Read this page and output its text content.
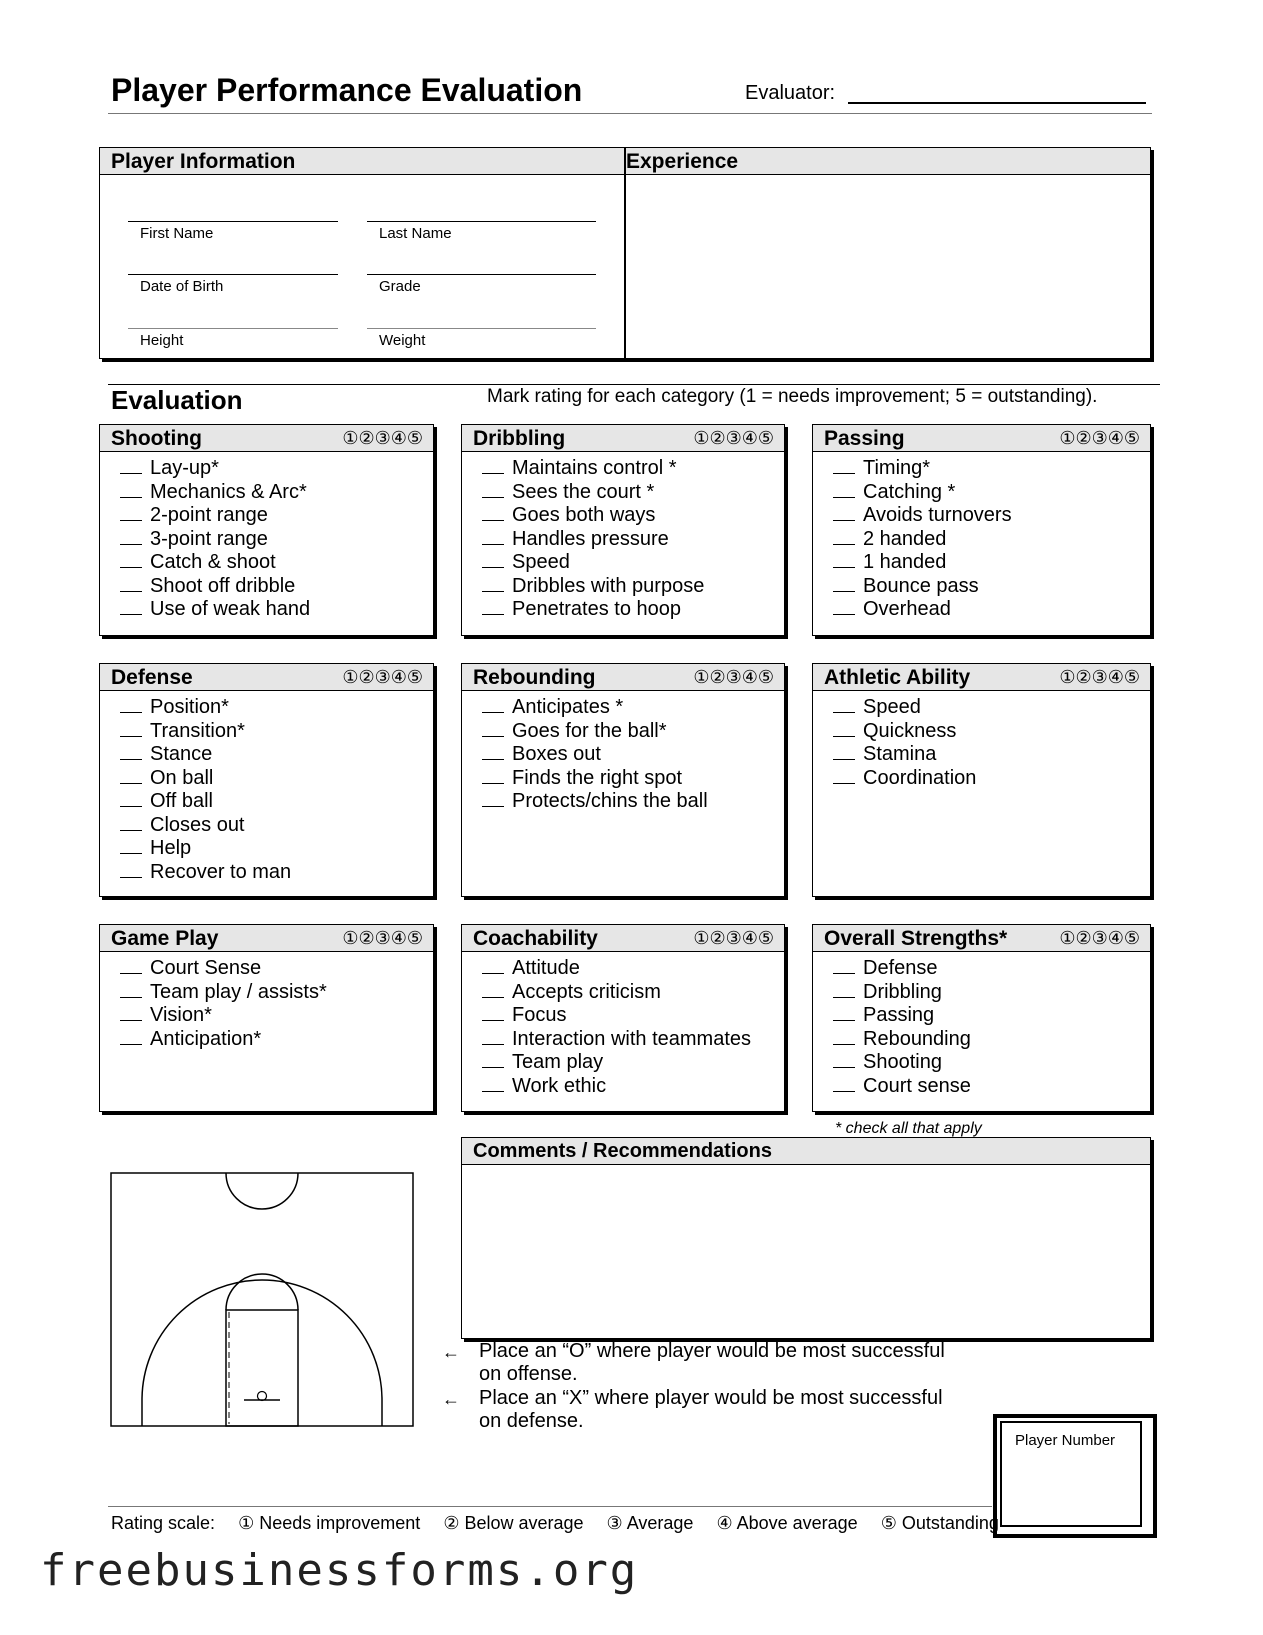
Player Performance Evaluation	Evaluator:
Player Information	Experience
First Name	Last Name
Date of Birth	Grade
Height	Weight
Evaluation	Mark rating for each category (1 = needs improvement; 5 = outstanding).
Shooting	①②③④⑤
Lay-up*
Mechanics & Arc*
2-point range
3-point range
Catch & shoot
Shoot off dribble
Use of weak hand
Dribbling	①②③④⑤
Maintains control *
Sees the court *
Goes both ways
Handles pressure
Speed
Dribbles with purpose
Penetrates to hoop
Passing	①②③④⑤
Timing*
Catching *
Avoids turnovers
2 handed
1 handed
Bounce pass
Overhead
Defense	①②③④⑤
Position*
Transition*
Stance
On ball
Off ball
Closes out
Help
Recover to man
Rebounding	①②③④⑤
Anticipates *
Goes for the ball*
Boxes out
Finds the right spot
Protects/chins the ball
Athletic Ability	①②③④⑤
Speed
Quickness
Stamina
Coordination
Game Play	①②③④⑤
Court Sense
Team play / assists*
Vision*
Anticipation*
Coachability	①②③④⑤
Attitude
Accepts criticism
Focus
Interaction with teammates
Team play
Work ethic
Overall Strengths*	①②③④⑤
Defense
Dribbling
Passing
Rebounding
Shooting
Court sense
* check all that apply
Comments / Recommendations
← Place an “O” where player would be most successful on offense.
← Place an “X” where player would be most successful on defense.
Player Number
Rating scale: ① Needs improvement ② Below average ③ Average ④ Above average ⑤ Outstanding
freebusinessforms.org
